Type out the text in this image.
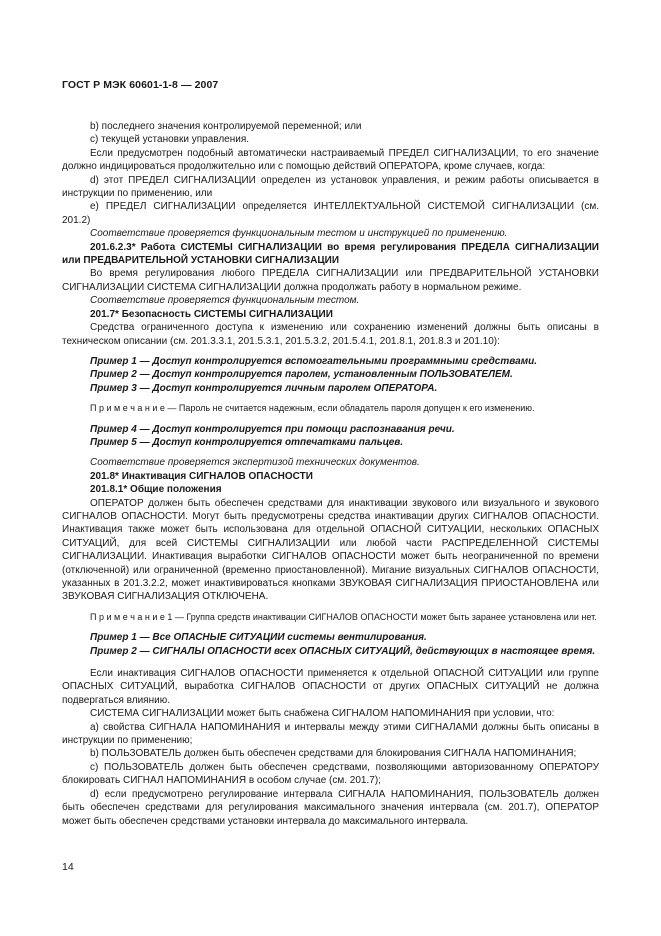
ГОСТ Р МЭК 60601-1-8 — 2007

b) последнего значения контролируемой переменной; или

c) текущей установки управления.

Если предусмотрен подобный автоматически настраиваемый ПРЕДЕЛ СИГНАЛИЗАЦИИ, то его значение должно индицироваться продолжительно или с помощью действий ОПЕРАТОРА, кроме случаев, когда:

d) этот ПРЕДЕЛ СИГНАЛИЗАЦИИ определен из установок управления, и режим работы описывается в инструкции по применению, или

e) ПРЕДЕЛ СИГНАЛИЗАЦИИ определяется ИНТЕЛЛЕКТУАЛЬНОЙ СИСТЕМОЙ СИГНАЛИЗАЦИИ (см. 201.2)

Соответствие проверяется функциональным тестом и инструкцией по применению.

201.6.2.3* Работа СИСТЕМЫ СИГНАЛИЗАЦИИ во время регулирования ПРЕДЕЛА СИГНАЛИЗАЦИИ или ПРЕДВАРИТЕЛЬНОЙ УСТАНОВКИ СИГНАЛИЗАЦИИ

Во время регулирования любого ПРЕДЕЛА СИГНАЛИЗАЦИИ или ПРЕДВАРИТЕЛЬНОЙ УСТАНОВКИ СИГНАЛИЗАЦИИ СИСТЕМА СИГНАЛИЗАЦИИ должна продолжать работу в нормальном режиме.

Соответствие проверяется функциональным тестом.

201.7* Безопасность СИСТЕМЫ СИГНАЛИЗАЦИИ

Средства ограниченного доступа к изменению или сохранению изменений должны быть описаны в техническом описании (см. 201.3.3.1, 201.5.3.1, 201.5.3.2, 201.5.4.1, 201.8.1, 201.8.3 и 201.10):

Пример 1 — Доступ контролируется вспомогательными программными средствами.

Пример 2 — Доступ контролируется паролем, установленным ПОЛЬЗОВАТЕЛЕМ.

Пример 3 — Доступ контролируется личным паролем ОПЕРАТОРА.

П р и м е ч а н и е — Пароль не считается надежным, если обладатель пароля допущен к его изменению.

Пример 4 — Доступ контролируется при помощи распознавания речи.

Пример 5 — Доступ контролируется отпечатками пальцев.

Соответствие проверяется экспертизой технических документов.

201.8* Инактивация СИГНАЛОВ ОПАСНОСТИ

201.8.1* Общие положения

ОПЕРАТОР должен быть обеспечен средствами для инактивации звукового или визуального и звукового СИГНАЛОВ ОПАСНОСТИ. Могут быть предусмотрены средства инактивации других СИГНАЛОВ ОПАСНОСТИ. Инактивация также может быть использована для отдельной ОПАСНОЙ СИТУАЦИИ, нескольких ОПАСНЫХ СИТУАЦИЙ, для всей СИСТЕМЫ СИГНАЛИЗАЦИИ или любой части РАСПРЕДЕЛЕННОЙ СИСТЕМЫ СИГНАЛИЗАЦИИ. Инактивация выработки СИГНАЛОВ ОПАСНОСТИ может быть неограниченной по времени (отключенной) или ограниченной (временно приостановленной). Мигание визуальных СИГНАЛОВ ОПАСНОСТИ, указанных в 201.3.2.2, может инактивироваться кнопками ЗВУКОВАЯ СИГНАЛИЗАЦИЯ ПРИОСТАНОВЛЕНА или ЗВУКОВАЯ СИГНАЛИЗАЦИЯ ОТКЛЮЧЕНА.

П р и м е ч а н и е 1 — Группа средств инактивации СИГНАЛОВ ОПАСНОСТИ может быть заранее установлена или нет.

Пример 1 — Все ОПАСНЫЕ СИТУАЦИИ системы вентилирования.

Пример 2 — СИГНАЛЫ ОПАСНОСТИ всех ОПАСНЫХ СИТУАЦИЙ, действующих в настоящее время.

Если инактивация СИГНАЛОВ ОПАСНОСТИ применяется к отдельной ОПАСНОЙ СИТУАЦИИ или группе ОПАСНЫХ СИТУАЦИЙ, выработка СИГНАЛОВ ОПАСНОСТИ от других ОПАСНЫХ СИТУАЦИЙ не должна подвергаться влиянию.

СИСТЕМА СИГНАЛИЗАЦИИ может быть снабжена СИГНАЛОМ НАПОМИНАНИЯ при условии, что:

a) свойства СИГНАЛА НАПОМИНАНИЯ и интервалы между этими СИГНАЛАМИ должны быть описаны в инструкции по применению;

b) ПОЛЬЗОВАТЕЛЬ должен быть обеспечен средствами для блокирования СИГНАЛА НАПОМИНАНИЯ;

c) ПОЛЬЗОВАТЕЛЬ должен быть обеспечен средствами, позволяющими авторизованному ОПЕРАТОРУ блокировать СИГНАЛ НАПОМИНАНИЯ в особом случае (см. 201.7);

d) если предусмотрено регулирование интервала СИГНАЛА НАПОМИНАНИЯ, ПОЛЬЗОВАТЕЛЬ должен быть обеспечен средствами для регулирования максимального значения интервала (см. 201.7), ОПЕРАТОР может быть обеспечен средствами установки интервала до максимального интервала.

14
